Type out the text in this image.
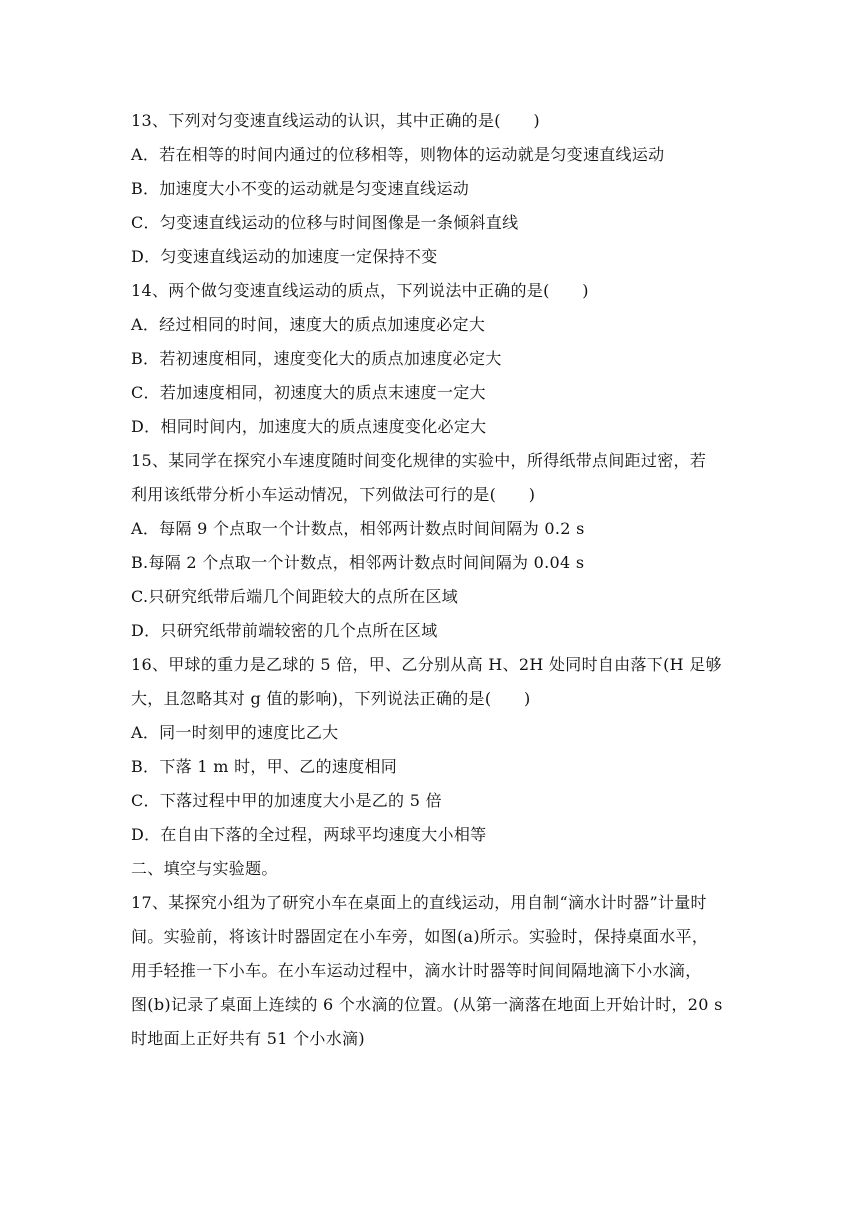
13、下列对匀变速直线运动的认识，其中正确的是(　　)
A．若在相等的时间内通过的位移相等，则物体的运动就是匀变速直线运动
B．加速度大小不变的运动就是匀变速直线运动
C．匀变速直线运动的位移与时间图像是一条倾斜直线
D．匀变速直线运动的加速度一定保持不变
14、两个做匀变速直线运动的质点，下列说法中正确的是(　　)
A．经过相同的时间，速度大的质点加速度必定大
B．若初速度相同，速度变化大的质点加速度必定大
C．若加速度相同，初速度大的质点末速度一定大
D．相同时间内，加速度大的质点速度变化必定大
15、某同学在探究小车速度随时间变化规律的实验中，所得纸带点间距过密，若
利用该纸带分析小车运动情况，下列做法可行的是(　　)
A．每隔 9 个点取一个计数点，相邻两计数点时间间隔为 0.2 s
B.每隔 2 个点取一个计数点，相邻两计数点时间间隔为 0.04 s
C.只研究纸带后端几个间距较大的点所在区域
D．只研究纸带前端较密的几个点所在区域
16、甲球的重力是乙球的 5 倍，甲、乙分别从高 H、2H 处同时自由落下(H 足够
大，且忽略其对 g 值的影响)，下列说法正确的是(　　)
A．同一时刻甲的速度比乙大
B．下落 1 m 时，甲、乙的速度相同
C．下落过程中甲的加速度大小是乙的 5 倍
D．在自由下落的全过程，两球平均速度大小相等
二、填空与实验题。
17、某探究小组为了研究小车在桌面上的直线运动，用自制“滴水计时器”计量时
间。实验前，将该计时器固定在小车旁，如图(a)所示。实验时，保持桌面水平，
用手轻推一下小车。在小车运动过程中，滴水计时器等时间间隔地滴下小水滴，
图(b)记录了桌面上连续的 6 个水滴的位置。(从第一滴落在地面上开始计时，20 s
时地面上正好共有 51 个小水滴)
